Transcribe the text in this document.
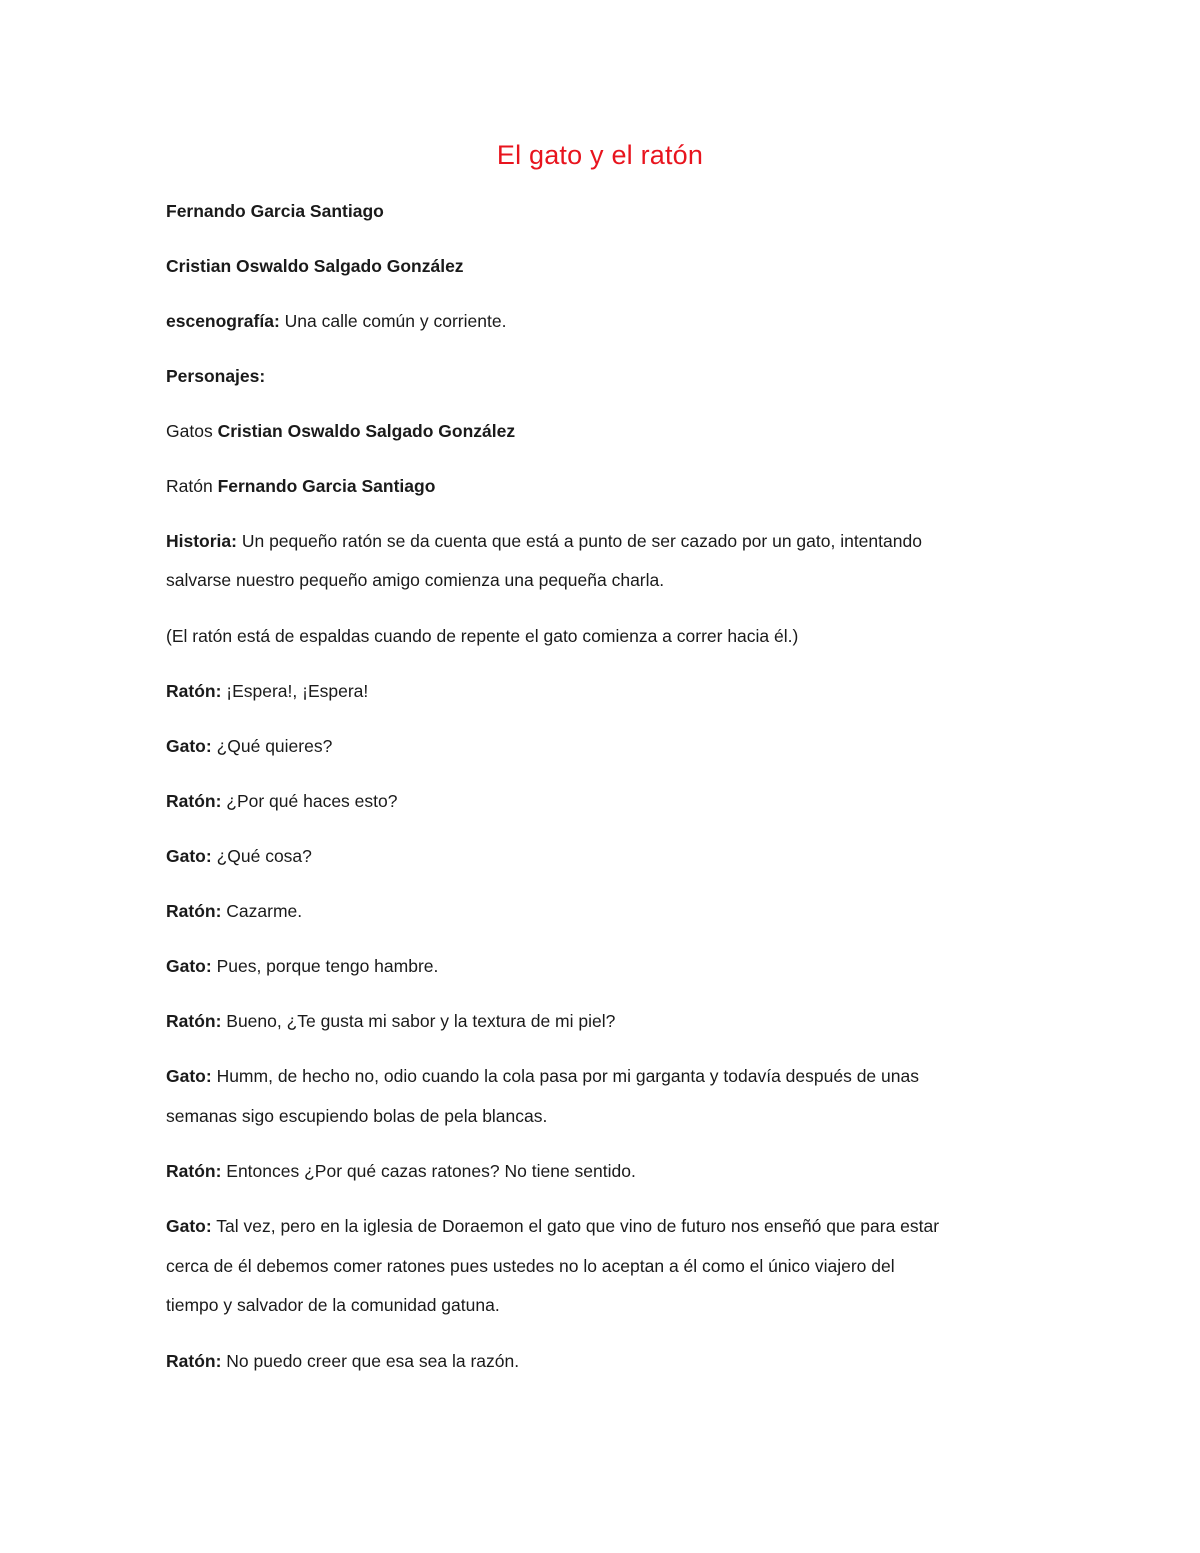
El gato y el ratón
Fernando Garcia Santiago
Cristian Oswaldo Salgado González
escenografía: Una calle común y corriente.
Personajes:
Gatos Cristian Oswaldo Salgado González
Ratón Fernando Garcia Santiago
Historia: Un pequeño ratón se da cuenta que está a punto de ser cazado por un gato, intentando
salvarse nuestro pequeño amigo comienza una pequeña charla.
(El ratón está de espaldas cuando de repente el gato comienza a correr hacia él.)
Ratón: ¡Espera!, ¡Espera!
Gato: ¿Qué quieres?
Ratón: ¿Por qué haces esto?
Gato: ¿Qué cosa?
Ratón: Cazarme.
Gato: Pues, porque tengo hambre.
Ratón: Bueno, ¿Te gusta mi sabor y la textura de mi piel?
Gato: Humm, de hecho no, odio cuando la cola pasa por mi garganta y todavía después de unas
semanas sigo escupiendo bolas de pela blancas.
Ratón: Entonces ¿Por qué cazas ratones? No tiene sentido.
Gato: Tal vez, pero en la iglesia de Doraemon el gato que vino de futuro nos enseñó que para estar
cerca de él debemos comer ratones pues ustedes no lo aceptan a él como el único viajero del
tiempo y salvador de la comunidad gatuna.
Ratón: No puedo creer que esa sea la razón.
